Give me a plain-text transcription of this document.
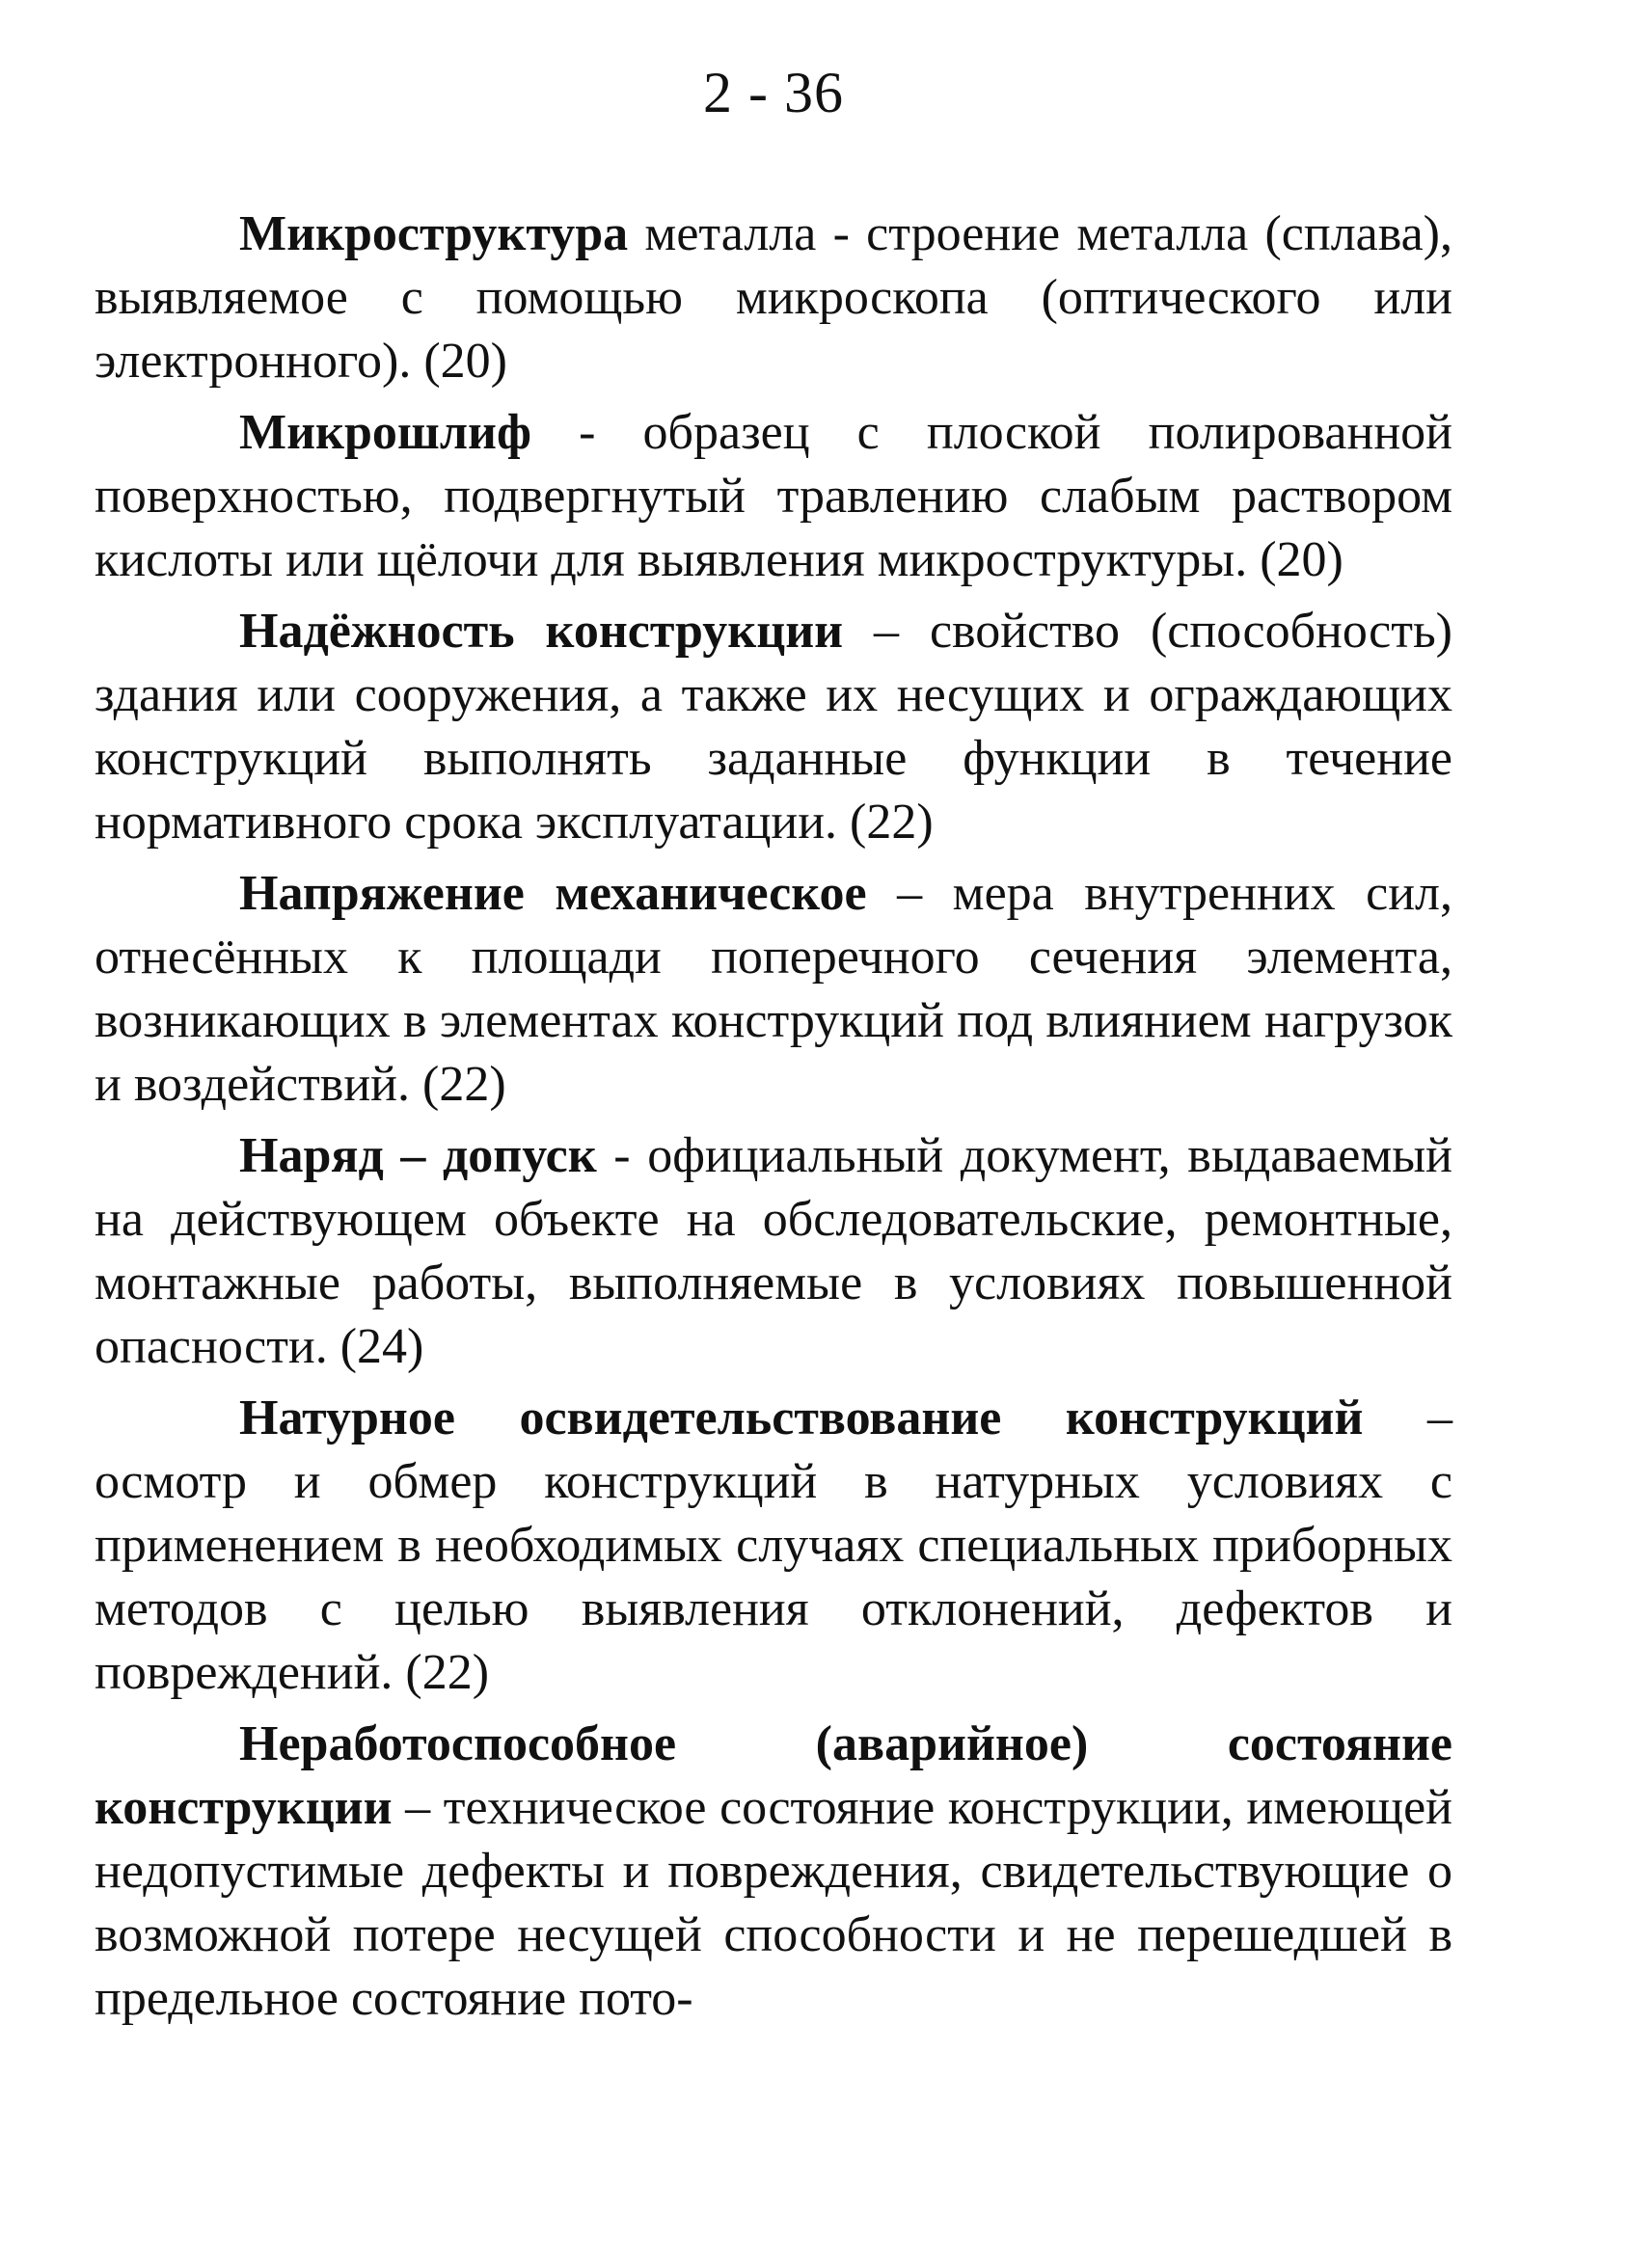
2 - 36

Микроструктура металла - строение металла (сплава), выявляемое с помощью микроскопа (оптического или электронного). (20)

Микрошлиф - образец с плоской полированной поверхностью, подвергнутый травлению слабым раствором кислоты или щёлочи для выявления микроструктуры. (20)

Надёжность конструкции – свойство (способность) здания или сооружения, а также их несущих и ограждающих конструкций выполнять заданные функции в течение нормативного срока эксплуатации. (22)

Напряжение механическое – мера внутренних сил, отнесённых к площади поперечного сечения элемента, возникающих в элементах конструкций под влиянием нагрузок и воздействий. (22)

Наряд – допуск - официальный документ, выдаваемый на действующем объекте на обследовательские, ремонтные, монтажные работы, выполняемые в условиях повышенной опасности. (24)

Натурное освидетельствование конструкций – осмотр и обмер конструкций в натурных условиях с применением в необходимых случаях специальных приборных методов с целью выявления отклонений, дефектов и повреждений. (22)

Неработоспособное (аварийное) состояние конструкции – техническое состояние конструкции, имеющей недопустимые дефекты и повреждения, свидетельствующие о возможной потере несущей способности и не перешедшей в предельное состояние пото-
